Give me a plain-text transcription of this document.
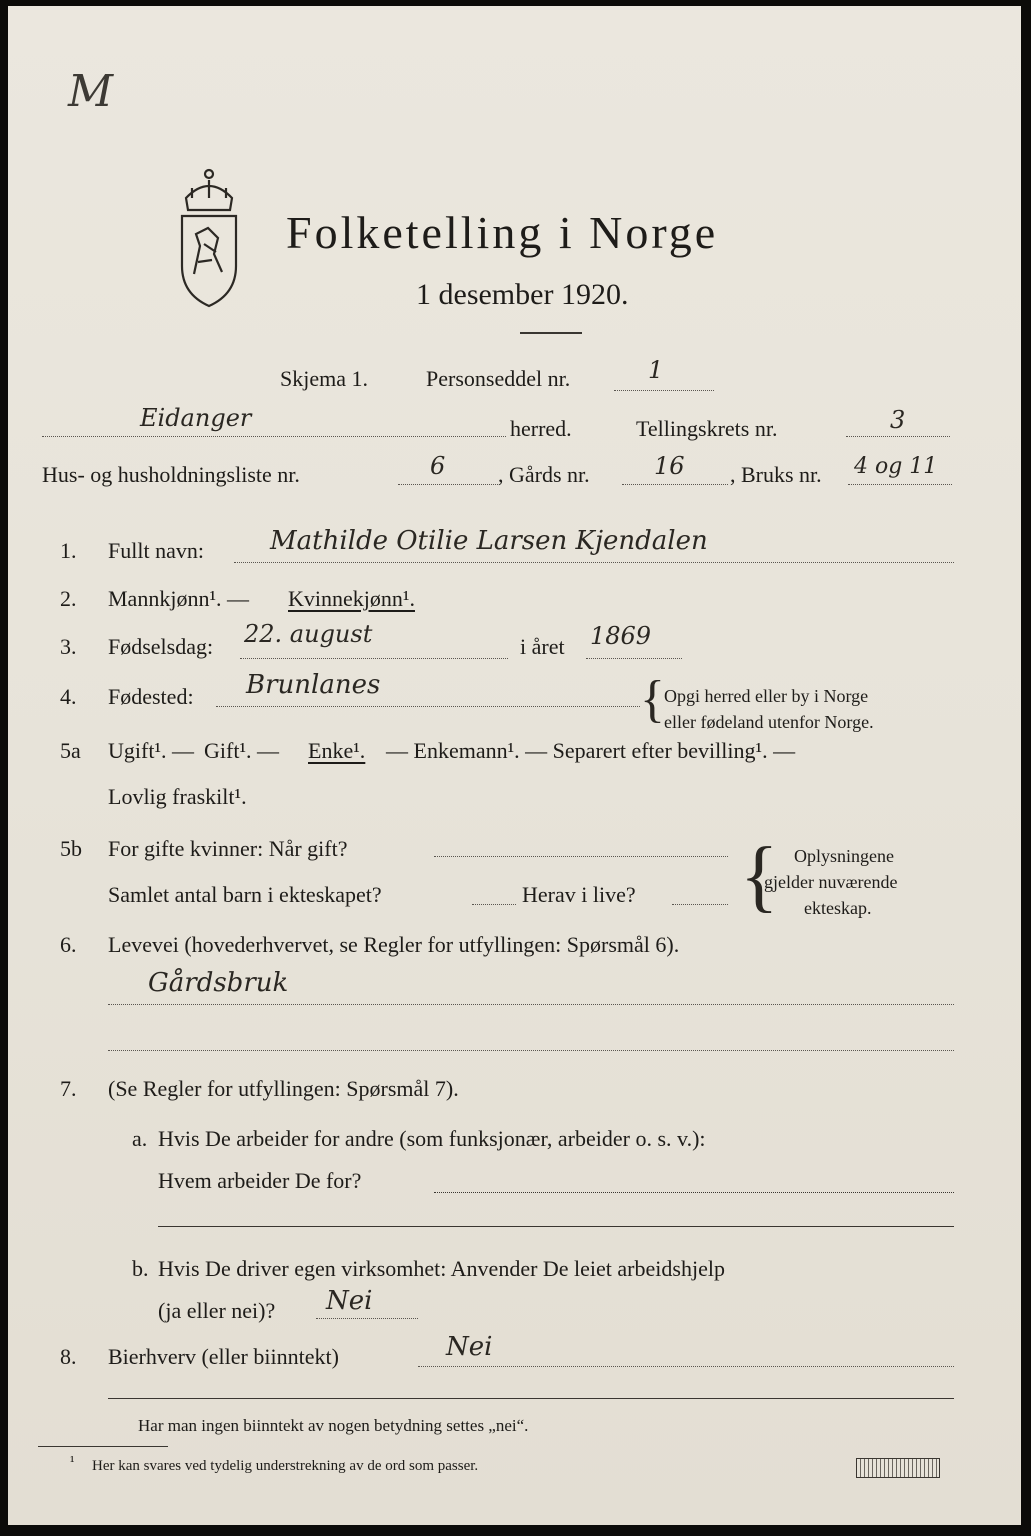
M
Folketelling i Norge
1 desember 1920.
Skjema 1.	Personseddel nr.	1
Eidanger	herred.	Tellingskrets nr.	3
Hus- og husholdningsliste nr.	6 , Gårds nr.	16 , Bruks nr. 4 og 11
1. Fullt navn:	Mathilde Otilie Larsen Kjendalen
2. Mannkjønn¹. — Kvinnekjønn¹.
3. Fødselsdag: 22. august	i året 1869
4. Fødested: Brunlanes	{ Opgi herred eller by i Norge
eller fødeland utenfor Norge.
5a Ugift¹. — Gift¹. — Enke¹. — Enkemann¹. — Separert efter bevilling¹. —
Lovlig fraskilt¹.
5b For gifte kvinner: Når gift?
Samlet antal barn i ekteskapet?	Herav i live? { Oplysningene
gjelder nuværende
ekteskap.
6. Levevei (hovederhvervet, se Regler for utfyllingen: Spørsmål 6).
Gårdsbruk
7. (Se Regler for utfyllingen: Spørsmål 7).
a. Hvis De arbeider for andre (som funksjonær, arbeider o. s. v.):
Hvem arbeider De for?
b. Hvis De driver egen virksomhet: Anvender De leiet arbeidshjelp
(ja eller nei)? Nei
8. Bierhverv (eller biinntekt)	Nei
Har man ingen biinntekt av nogen betydning settes „nei“.
¹ Her kan svares ved tydelig understrekning av de ord som passer.
